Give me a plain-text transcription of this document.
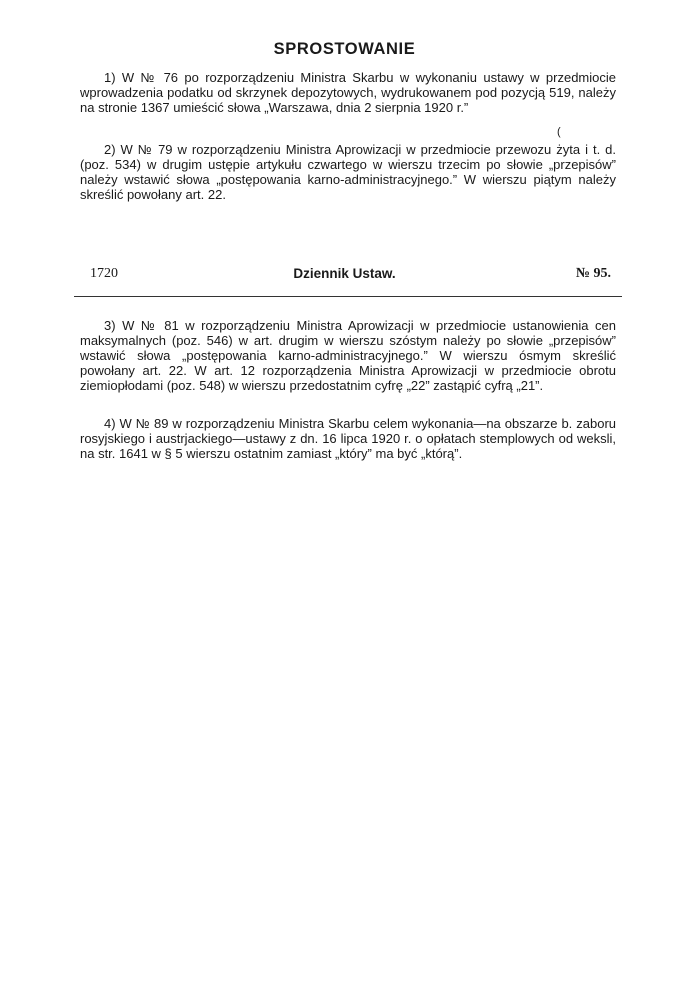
SPROSTOWANIE

1) W № 76 po rozporządzeniu Ministra Skarbu w wykonaniu ustawy w przedmiocie wprowadzenia podatku od skrzynek depozytowych, wydrukowanem pod pozycją 519, należy na stronie 1367 umieścić słowa „Warszawa, dnia 2 sierpnia 1920 r.”

(

2) W № 79 w rozporządzeniu Ministra Aprowizacji w przedmiocie przewozu żyta i t. d. (poz. 534) w drugim ustępie artykułu czwartego w wierszu trzecim po słowie „przepisów” należy wstawić słowa „postępowania karno-administracyjnego.” W wierszu piątym należy skreślić powołany art. 22.

1720	Dziennik Ustaw.	№ 95.

3) W № 81 w rozporządzeniu Ministra Aprowizacji w przedmiocie ustanowienia cen maksymalnych (poz. 546) w art. drugim w wierszu szóstym należy po słowie „przepisów” wstawić słowa „postępowania karno-administracyjnego.” W wierszu ósmym skreślić powołany art. 22. W art. 12 rozporządzenia Ministra Aprowizacji w przedmiocie obrotu ziemiopłodami (poz. 548) w wierszu przedostatnim cyfrę „22” zastąpić cyfrą „21”.

4) W № 89 w rozporządzeniu Ministra Skarbu celem wykonania—na obszarze b. zaboru rosyjskiego i austrjackiego—ustawy z dn. 16 lipca 1920 r. o opłatach stemplowych od weksli, na str. 1641 w § 5 wierszu ostatnim zamiast „który” ma być „którą”.
